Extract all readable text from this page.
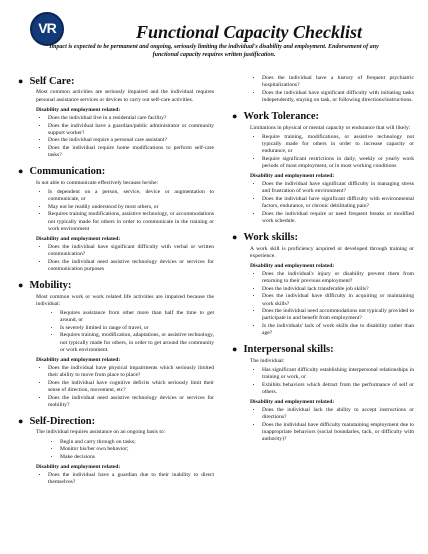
VR	Functional Capacity Checklist
Impact is expected to be permanent and ongoing, seriously limiting the individual's disability and employment. Endorsement of any functional capacity requires written justification.
● Self Care:
Most common activities are seriously impaired and the individual requires personal assistance services or devices to carry out self-care activities.
Disability and employment related:
• Does the individual live in a residential care facility?
• Does the individual have a guardian/public administrator or community support worker?
• Does the individual require a personal care assistant?
• Does the individual require home modifications to perform self-care tasks?
● Communication:
Is not able to communicate effectively because he/she:
• Is dependent on a person, service, device or augmentation to communicate, or
• May not be readily understood by most others, or
• Requires training modifications, assistive technology, or accommodations not typically made for others in order to communicate in the training or work environment
Disability and employment related:
• Does the individual have significant difficulty with verbal or written communication?
• Does the individual need assistive technology devices or services for communication purposes
● Mobility:
Most common work or work related life activities are impaired because the individual:
• Requires assistance from other more than half the time to get around, or
• Is severely limited in range of travel, or
• Requires training, modification, adaptations, or assistive technology, not typically made for others, in order to get around the community or work environment.
Disability and employment related:
• Does the individual have physical impairments which seriously limited their ability to move from place to place?
• Does the individual have cognitive deficits which seriously limit their sense of direction, movement, etc?
• Does the individual need assistive technology devices or services for mobility?
● Self-Direction:
The individual requires assistance on an ongoing basis to:
• Begin and carry through on tasks;
• Monitor his/her own behavior;
• Make decisions
Disability and employment related:
• Does the individual have a guardian due to their inability to direct themselves?
• Does the individual have a history of frequent psychiatric hospitalizations?
• Does the individual have significant difficulty with initiating tasks independently, staying on task, or following directions/instructions.
● Work Tolerance:
Limitations in physical or mental capacity or endurance that will likely:
• Require training, modifications, or assistive technology not typically made for others in order to increase capacity or endurance, or
• Require significant restrictions in daily, weekly or yearly work periods of most employment, or in most working conditions
Disability and employment related:
• Does the individual have significant difficulty in managing stress and frustration of work environment?
• Does the individual have significant difficulty with environmental factors, endurance, or chronic debilitating pain?
• Does the individual require or need frequent breaks or modified work schedule.
● Work skills:
A work skill is proficiency acquired or developed through training or experience.
Disability and employment related:
• Does the individual's injury or disability prevent them from returning to their previous employment?
• Does the individual lack transferable job skills?
• Does the individual have difficulty in acquiring or maintaining work skills?
• Does the individual need accommodations not typically provided to participate in and benefit from employment?
• Is the individuals' lack of work skills due to disability rather than age?
● Interpersonal skills:
The individual:
• Has significant difficulty establishing interpersonal relationships in training or work, or
• Exhibits behaviors which detract from the performance of self or others.
Disability and employment related:
• Does the individual lack the ability to accept instructions or directions?
• Does the individual have difficulty maintaining employment due to inappropriate behaviors (social boundaries, tack, or difficulty with authority)?
